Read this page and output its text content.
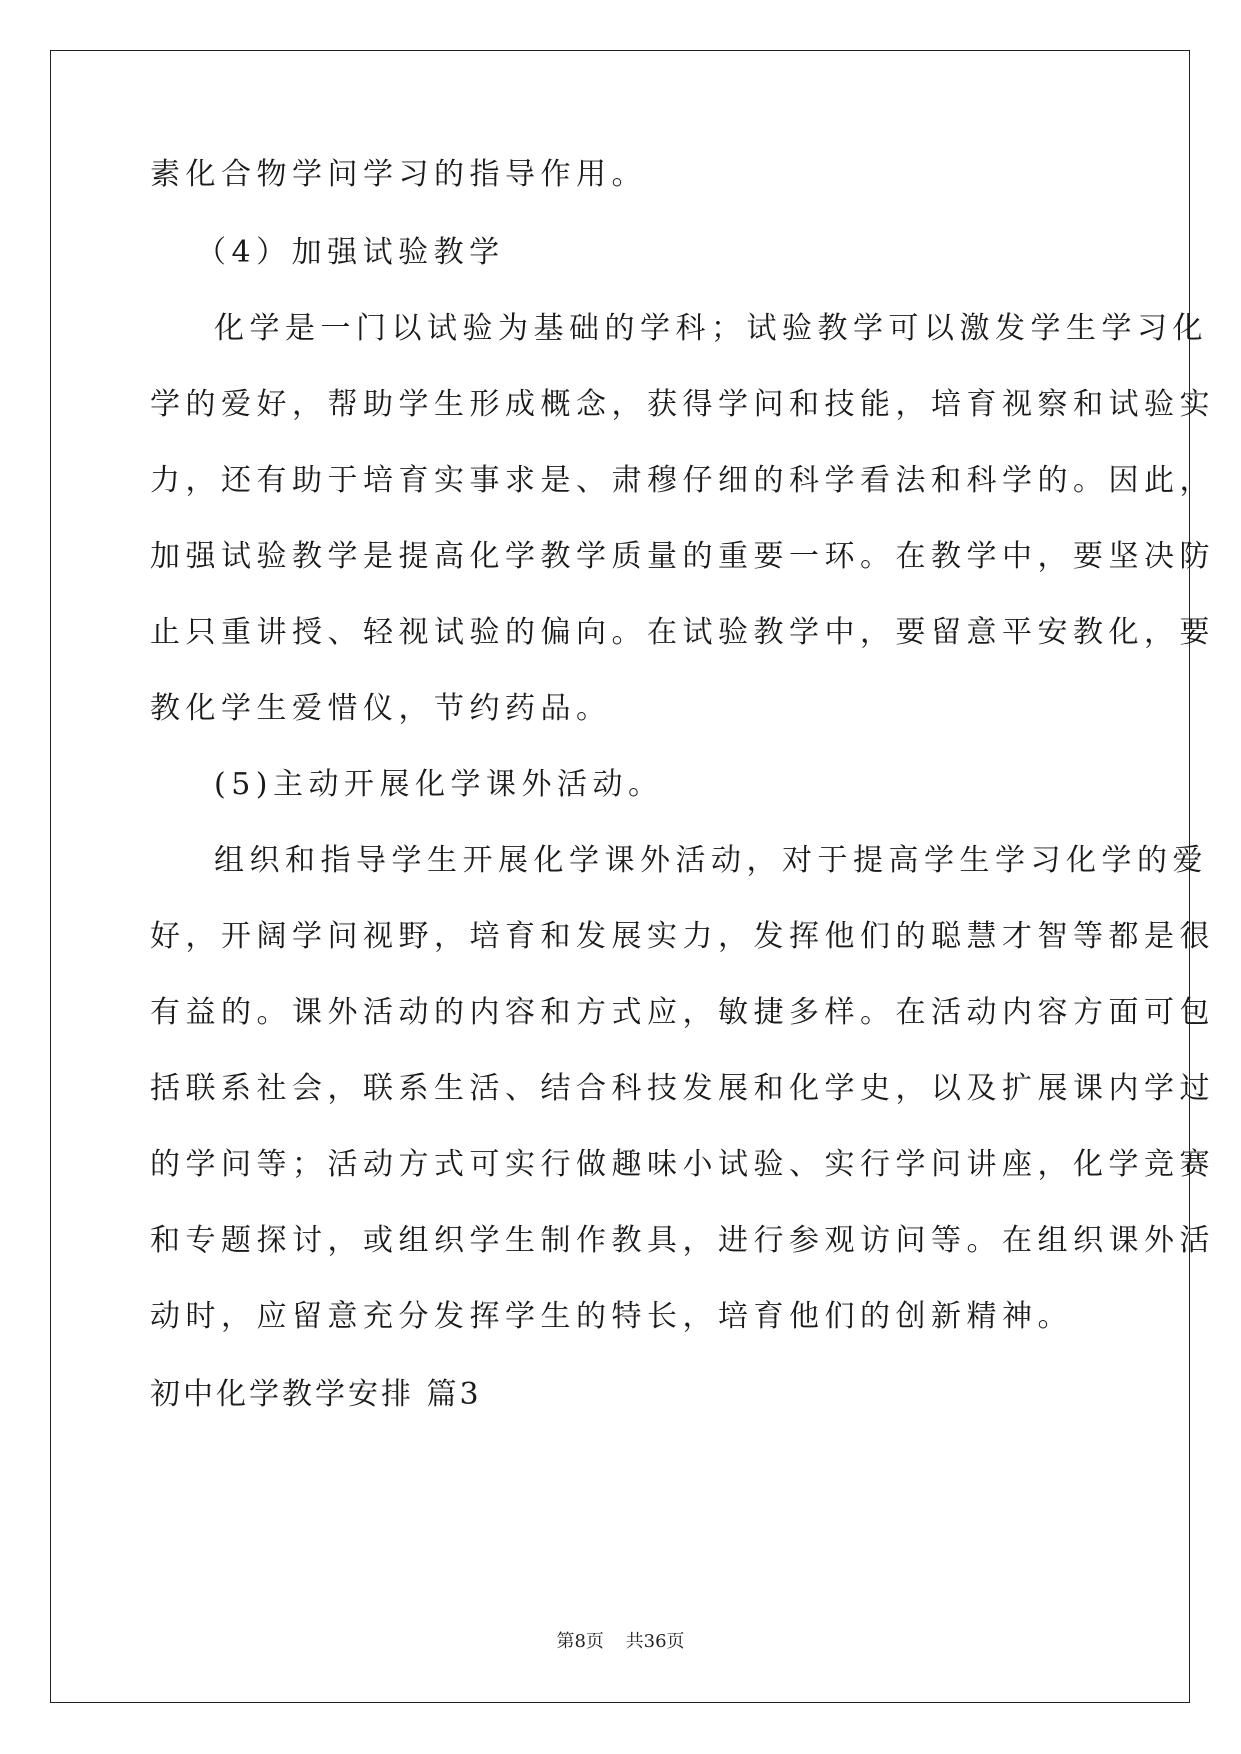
素化合物学问学习的指导作用。
（4）加强试验教学
化学是一门以试验为基础的学科；试验教学可以激发学生学习化
学的爱好，帮助学生形成概念，获得学问和技能，培育视察和试验实
力，还有助于培育实事求是、肃穆仔细的科学看法和科学的。因此，
加强试验教学是提高化学教学质量的重要一环。在教学中，要坚决防
止只重讲授、轻视试验的偏向。在试验教学中，要留意平安教化，要
教化学生爱惜仪，节约药品。
(5)主动开展化学课外活动。
组织和指导学生开展化学课外活动，对于提高学生学习化学的爱
好，开阔学问视野，培育和发展实力，发挥他们的聪慧才智等都是很
有益的。课外活动的内容和方式应，敏捷多样。在活动内容方面可包
括联系社会，联系生活、结合科技发展和化学史，以及扩展课内学过
的学问等；活动方式可实行做趣味小试验、实行学问讲座，化学竞赛
和专题探讨，或组织学生制作教具，进行参观访问等。在组织课外活
动时，应留意充分发挥学生的特长，培育他们的创新精神。
初中化学教学安排 篇3
第8页 共36页
